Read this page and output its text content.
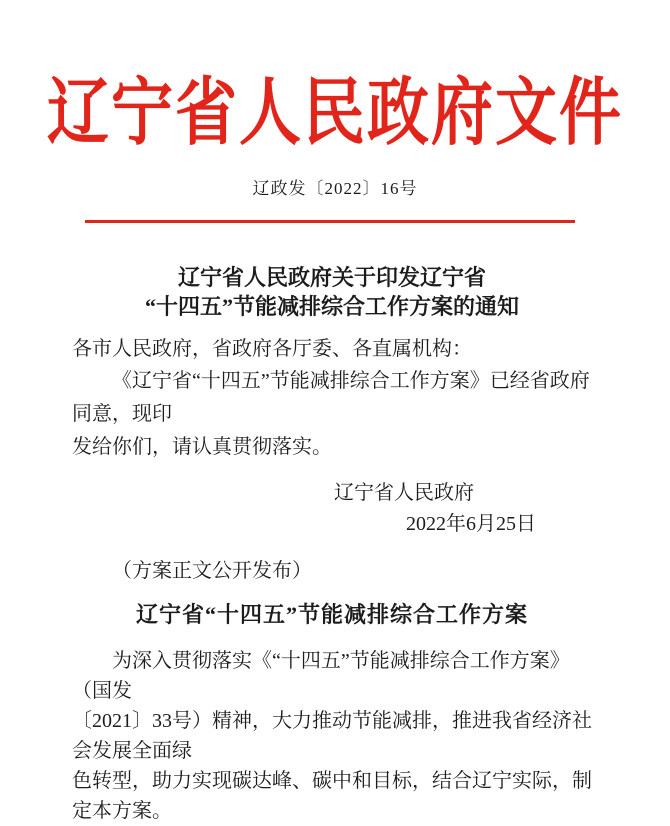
辽宁省人民政府文件
辽政发〔2022〕16号
辽宁省人民政府关于印发辽宁省
“十四五”节能减排综合工作方案的通知
各市人民政府，省政府各厅委、各直属机构：
《辽宁省“十四五”节能减排综合工作方案》已经省政府同意，现印
发给你们，请认真贯彻落实。
辽宁省人民政府
2022年6月25日
（方案正文公开发布）
辽宁省“十四五”节能减排综合工作方案
为深入贯彻落实《“十四五”节能减排综合工作方案》（国发
〔2021〕33号）精神，大力推动节能减排，推进我省经济社会发展全面绿
色转型，助力实现碳达峰、碳中和目标，结合辽宁实际，制定本方案。
